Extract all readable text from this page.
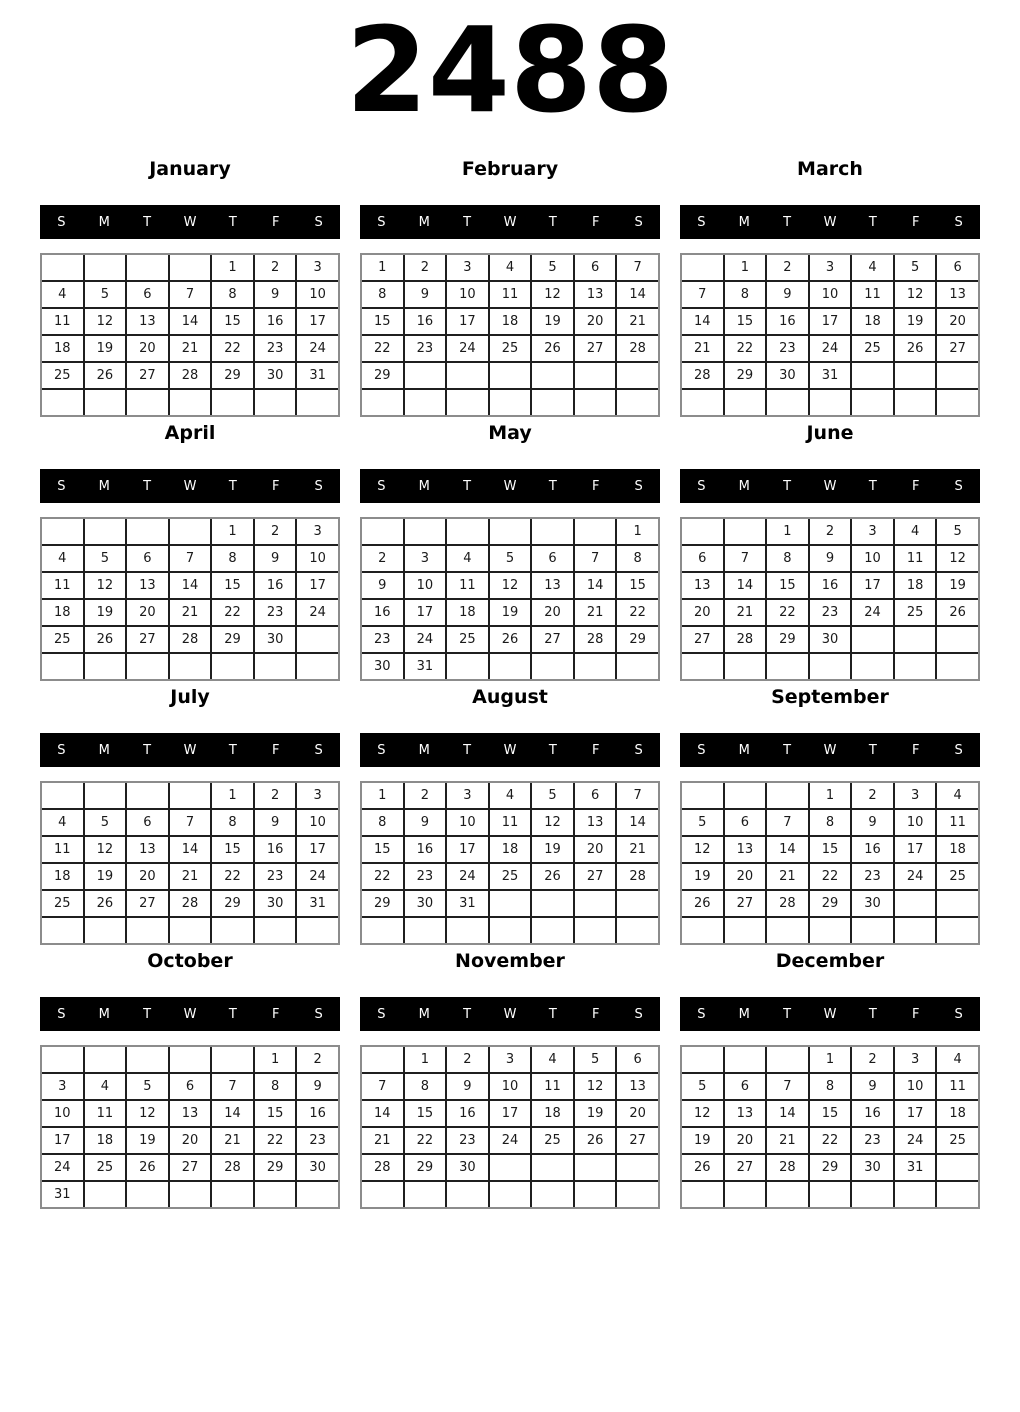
2488
January
S	M	T	W	T	F	S
				1	2	3
4	5	6	7	8	9	10
11	12	13	14	15	16	17
18	19	20	21	22	23	24
25	26	27	28	29	30	31

February
S	M	T	W	T	F	S
1	2	3	4	5	6	7
8	9	10	11	12	13	14
15	16	17	18	19	20	21
22	23	24	25	26	27	28
29						

March
S	M	T	W	T	F	S
	1	2	3	4	5	6
7	8	9	10	11	12	13
14	15	16	17	18	19	20
21	22	23	24	25	26	27
28	29	30	31			

April
S	M	T	W	T	F	S
				1	2	3
4	5	6	7	8	9	10
11	12	13	14	15	16	17
18	19	20	21	22	23	24
25	26	27	28	29	30	

May
S	M	T	W	T	F	S
						1
2	3	4	5	6	7	8
9	10	11	12	13	14	15
16	17	18	19	20	21	22
23	24	25	26	27	28	29
30	31					
June
S	M	T	W	T	F	S
		1	2	3	4	5
6	7	8	9	10	11	12
13	14	15	16	17	18	19
20	21	22	23	24	25	26
27	28	29	30			

July
S	M	T	W	T	F	S
				1	2	3
4	5	6	7	8	9	10
11	12	13	14	15	16	17
18	19	20	21	22	23	24
25	26	27	28	29	30	31

August
S	M	T	W	T	F	S
1	2	3	4	5	6	7
8	9	10	11	12	13	14
15	16	17	18	19	20	21
22	23	24	25	26	27	28
29	30	31				

September
S	M	T	W	T	F	S
			1	2	3	4
5	6	7	8	9	10	11
12	13	14	15	16	17	18
19	20	21	22	23	24	25
26	27	28	29	30		

October
S	M	T	W	T	F	S
					1	2
3	4	5	6	7	8	9
10	11	12	13	14	15	16
17	18	19	20	21	22	23
24	25	26	27	28	29	30
31						
November
S	M	T	W	T	F	S
	1	2	3	4	5	6
7	8	9	10	11	12	13
14	15	16	17	18	19	20
21	22	23	24	25	26	27
28	29	30				

December
S	M	T	W	T	F	S
			1	2	3	4
5	6	7	8	9	10	11
12	13	14	15	16	17	18
19	20	21	22	23	24	25
26	27	28	29	30	31	
